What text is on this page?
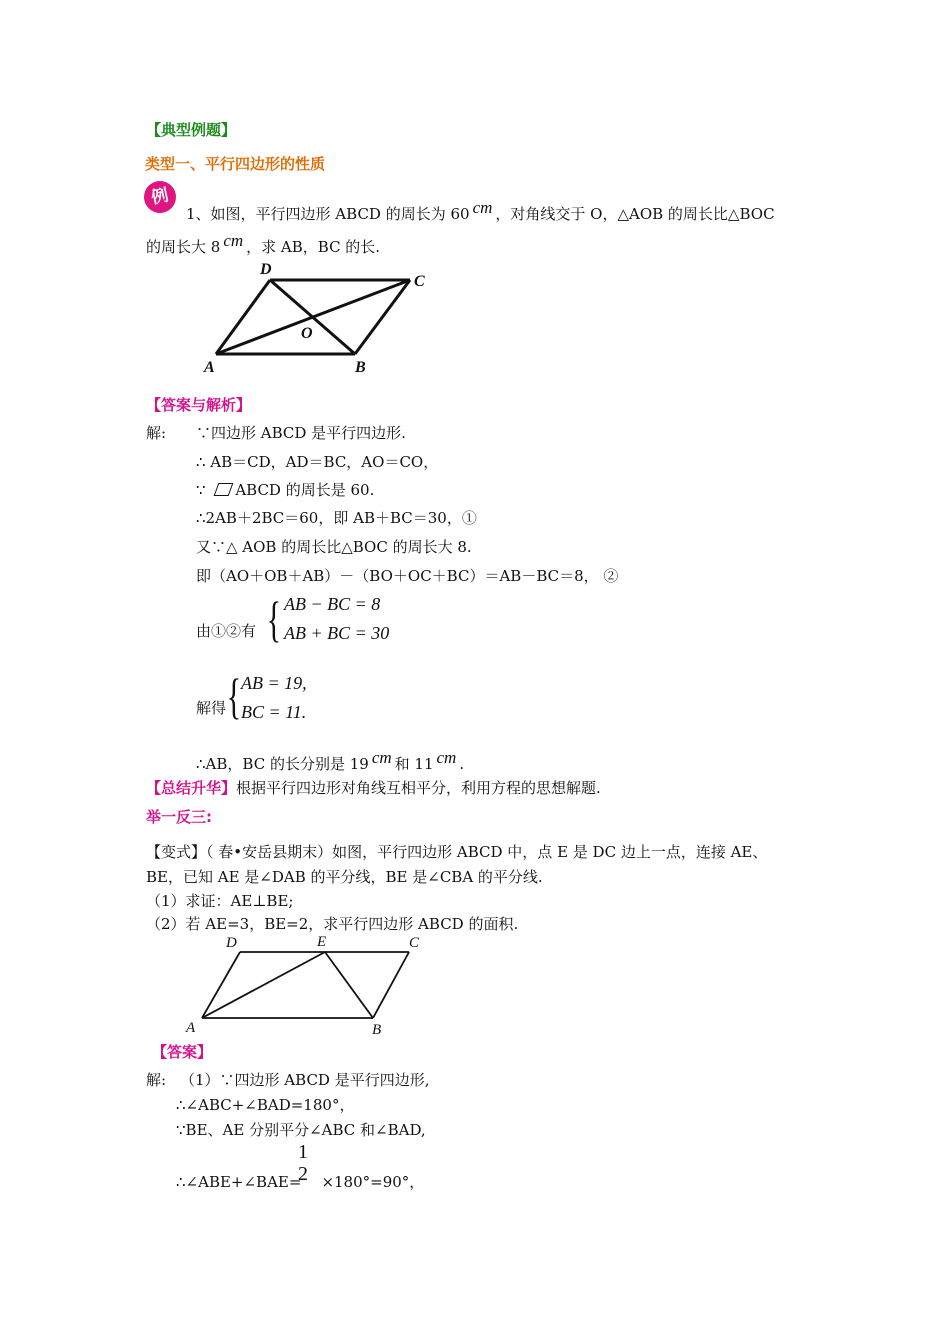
【典型例题】
类型一、平行四边形的性质
例
1、如图，平行四边形 ABCD 的周长为 60 cm ，对角线交于 O，△AOB 的周长比△BOC
的周长大 8 cm ，求 AB，BC 的长.
D
C
O
A	B
【答案与解析】
解: ∵四边形 ABCD 是平行四边形.
∴ AB＝CD，AD＝BC，AO＝CO，
∵ ABCD 的周长是 60.
∴2AB＋2BC＝60，即 AB＋BC＝30，①
又∵△ AOB 的周长比△BOC 的周长大 8.
即（AO＋OB＋AB）－（BO＋OC＋BC）＝AB－BC＝8， ②
由①②有 { AB − BC = 8
AB + BC = 30
解得 { AB = 19,
BC = 11.
∴AB，BC 的长分别是 19 cm 和 11 cm .
【总结升华】根据平行四边形对角线互相平分，利用方程的思想解题.
举一反三:
【变式】（ 春•安岳县期末）如图，平行四边形 ABCD 中，点 E 是 DC 边上一点，连接 AE、
BE，已知 AE 是∠DAB 的平分线，BE 是∠CBA 的平分线.
（1）求证：AE⊥BE;
（2）若 AE=3，BE=2，求平行四边形 ABCD 的面积.
D	E	C
A	B
【答案】
解: （1）∵四边形 ABCD 是平行四边形,
∴∠ABC+∠BAD=180°，
∵BE、AE 分别平分∠ABC 和∠BAD,
∴∠ABE+∠BAE= ×180°=90°，
1
2
